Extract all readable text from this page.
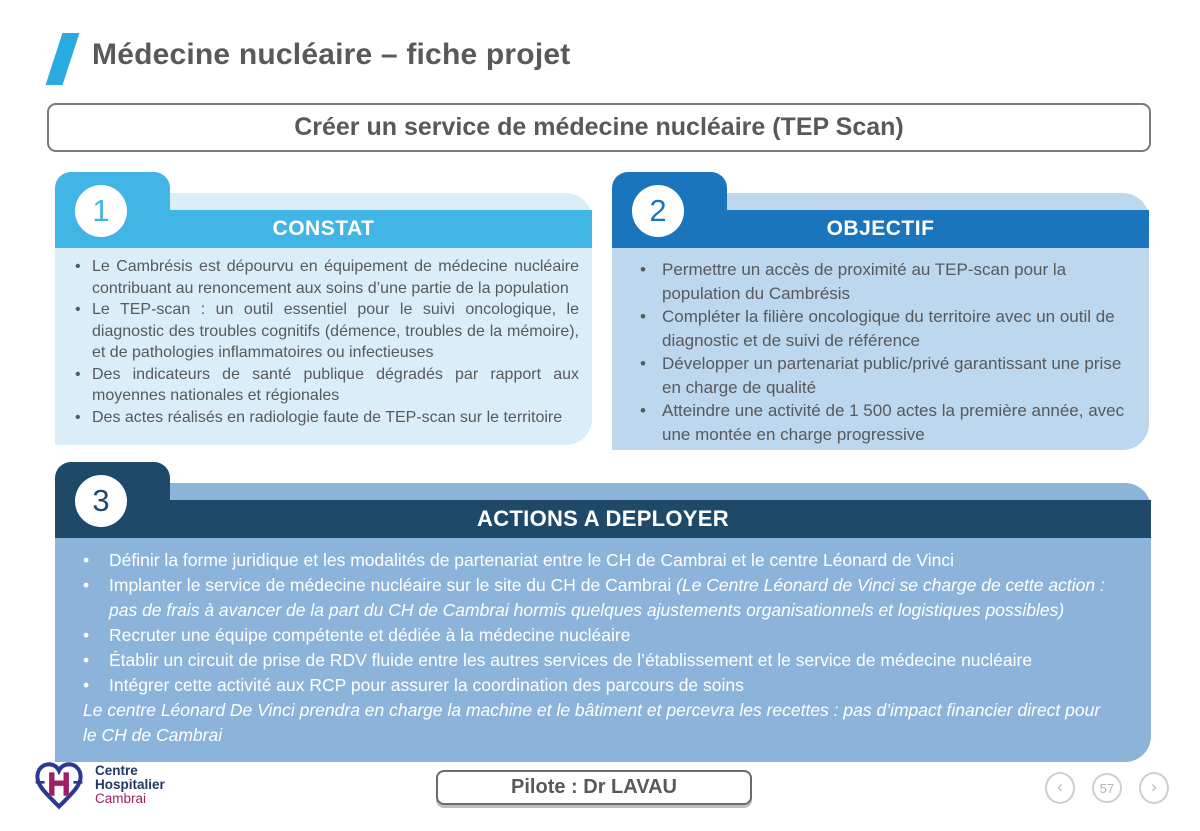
Médecine nucléaire – fiche projet
Créer un service de médecine nucléaire (TEP Scan)
CONSTAT
1
• Le Cambrésis est dépourvu en équipement de médecine nucléaire contribuant au renoncement aux soins d’une partie de la population
• Le TEP-scan : un outil essentiel pour le suivi oncologique, le diagnostic des troubles cognitifs (démence, troubles de la mémoire), et de pathologies inflammatoires ou infectieuses
• Des indicateurs de santé publique dégradés par rapport aux moyennes nationales et régionales
• Des actes réalisés en radiologie faute de TEP-scan sur le territoire
OBJECTIF
2
• Permettre un accès de proximité au TEP-scan pour la population du Cambrésis
• Compléter la filière oncologique du territoire avec un outil de diagnostic et de suivi de référence
• Développer un partenariat public/privé garantissant une prise en charge de qualité
• Atteindre une activité de 1 500 actes la première année, avec une montée en charge progressive
ACTIONS A DEPLOYER
3
•	Définir la forme juridique et les modalités de partenariat entre le CH de Cambrai et le centre Léonard de Vinci
•	Implanter le service de médecine nucléaire sur le site du CH de Cambrai (Le Centre Léonard de Vinci se charge de cette action : pas de frais à avancer de la part du CH de Cambrai hormis quelques ajustements organisationnels et logistiques possibles)
•	Recruter une équipe compétente et dédiée à la médecine nucléaire
•	Établir un circuit de prise de RDV fluide entre les autres services de l’établissement et le service de médecine nucléaire
•	Intégrer cette activité aux RCP pour assurer la coordination des parcours de soins

Le centre Léonard De Vinci prendra en charge la machine et le bâtiment et percevra les recettes : pas d’impact financier direct pour le CH de Cambrai

Centre
Hospitalier
Cambrai
Pilote : Dr LAVAU	‹	57 ›
